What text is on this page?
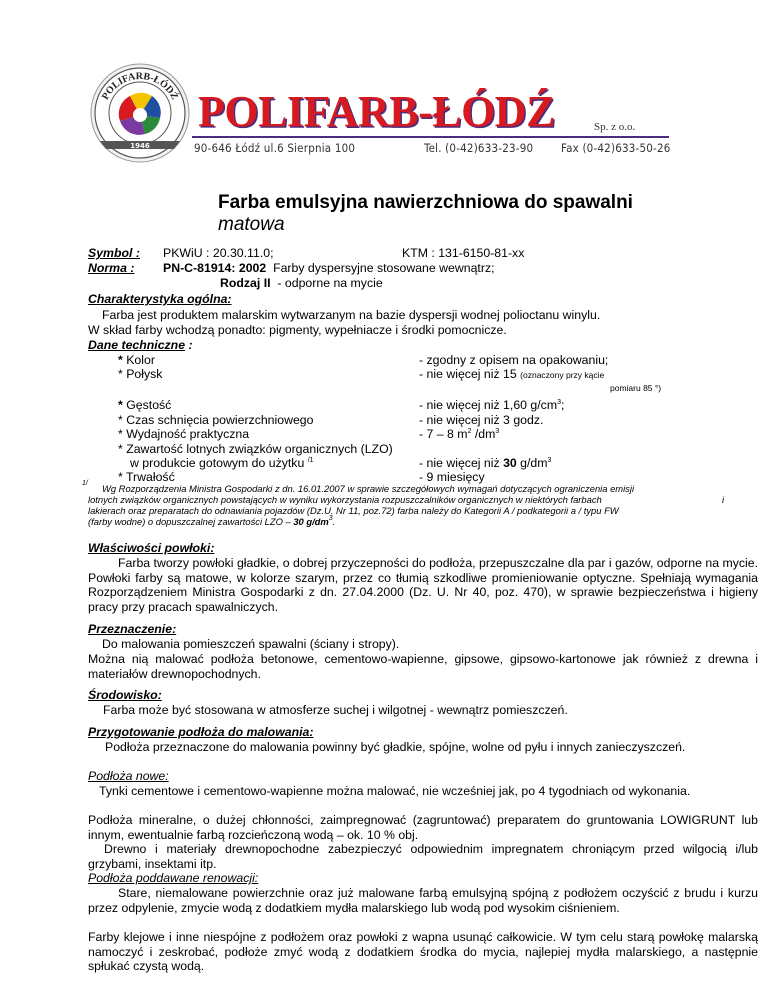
POLIFARB-ŁÓDŹ
1946
POLIFARB-ŁÓDŹ	Sp. z o.o.
90-646 Łódź ul.6 Sierpnia 100	Tel. (0-42)633-23-90 Fax (0-42)633-50-26
Farba emulsyjna nawierzchniowa do spawalni
matowa
Symbol : PKWiU : 20.30.11.0;	KTM : 131-6150-81-xx
Norma : PN-C-81914: 2002 Farby dyspersyjne stosowane wewnątrz;
Rodzaj II - odporne na mycie
Charakterystyka ogólna:
Farba jest produktem malarskim wytwarzanym na bazie dyspersji wodnej polioctanu winylu.
W skład farby wchodzą ponadto: pigmenty, wypełniacze i środki pomocnicze.
Dane techniczne :
* Kolor	- zgodny z opisem na opakowaniu;
* Połysk	- nie więcej niż 15 (oznaczony przy kącie
pomiaru 85 °)
* Gęstość	- nie więcej niż 1,60 $g/cm^3$;
* Czas schnięcia powierzchniowego	- nie więcej niż 3 godz.
* Wydajność praktyczna	- 7 – 8 $m^2$ $/dm^3$
* Zawartość lotnych związków organicznych (LZO)
w produkcie gotowym do użytku $^{/1}$	- nie więcej niż 30 $g/dm^3$
* Trwałość	- 9 miesięcy
$^{1/}$ Wg Rozporządzenia Ministra Gospodarki z dn. 16.01.2007 w sprawie szczegółowych wymagań dotyczących ograniczenia emisji
lotnych związków organicznych powstających w wyniku wykorzystania rozpuszczalników organicznych w niektórych farbach	i
lakierach oraz preparatach do odnawiania pojazdów (Dz.U. Nr 11, poz.72) farba należy do Kategorii A / podkategorii a / typu FW
(farby wodne) o dopuszczalnej zawartości LZO – 30 $g/dm^3$.
Właściwości powłoki:
Farba tworzy powłoki gładkie, o dobrej przyczepności do podłoża, przepuszczalne dla par i gazów, odporne na mycie. Powłoki farby są matowe, w kolorze szarym, przez co tłumią szkodliwe promieniowanie optyczne. Spełniają wymagania Rozporządzeniem Ministra Gospodarki z dn. 27.04.2000 (Dz. U. Nr 40, poz. 470), w sprawie bezpieczeństwa i higieny pracy przy pracach spawalniczych.
Przeznaczenie:
Do malowania pomieszczeń spawalni (ściany i stropy).
Można nią malować podłoża betonowe, cementowo-wapienne, gipsowe, gipsowo-kartonowe jak również z drewna i materiałów drewnopochodnych.
Środowisko:
Farba może być stosowana w atmosferze suchej i wilgotnej - wewnątrz pomieszczeń.
Przygotowanie podłoża do malowania:
Podłoża przeznaczone do malowania powinny być gładkie, spójne, wolne od pyłu i innych zanieczyszczeń.
Podłoża nowe:
Tynki cementowe i cementowo-wapienne można malować, nie wcześniej jak, po 4 tygodniach od wykonania.
Podłoża mineralne, o dużej chłonności, zaimpregnować (zagruntować) preparatem do gruntowania LOWIGRUNT lub innym, ewentualnie farbą rozcieńczoną wodą – ok. 10 % obj.
Drewno i materiały drewnopochodne zabezpieczyć odpowiednim impregnatem chroniącym przed wilgocią i/lub grzybami, insektami itp.
Podłoża poddawane renowacji:
Stare, niemalowane powierzchnie oraz już malowane farbą emulsyjną spójną z podłożem oczyścić z brudu i kurzu przez odpylenie, zmycie wodą z dodatkiem mydła malarskiego lub wodą pod wysokim ciśnieniem.
Farby klejowe i inne niespójne z podłożem oraz powłoki z wapna usunąć całkowicie. W tym celu starą powłokę malarską namoczyć i zeskrobać, podłoże zmyć wodą z dodatkiem środka do mycia, najlepiej mydła malarskiego, a następnie spłukać czystą wodą.
